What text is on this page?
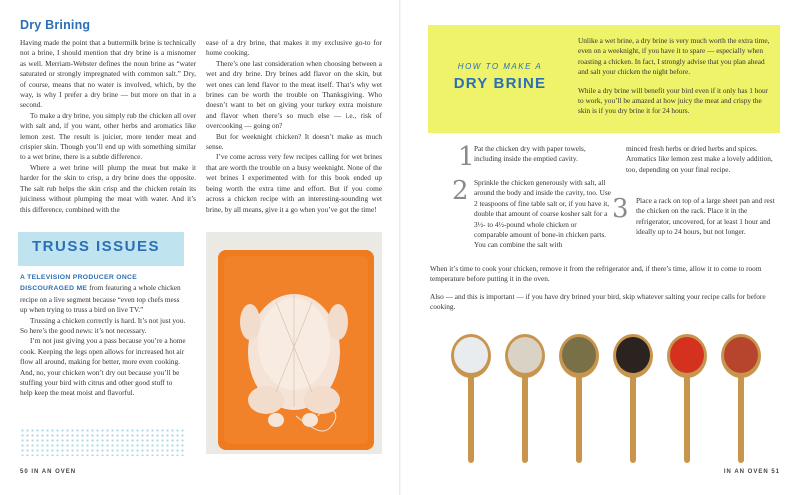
Dry Brining

Having made the point that a buttermilk brine is technically not a brine, I should mention that dry brine is a misnomer as well. Merriam-Webster defines the noun brine as “water saturated or strongly impregnated with common salt.” Dry, of course, means that no water is involved, which, by the way, is why I prefer a dry brine — but more on that in a second.

To make a dry brine, you simply rub the chicken all over with salt and, if you want, other herbs and aromatics like lemon zest. The result is juicier, more tender meat and crispier skin. Though you’ll end up with something similar to a wet brine, there is a subtle difference.

Where a wet brine will plump the meat but make it harder for the skin to crisp, a dry brine does the opposite. The salt rub helps the skin crisp and the chicken retain its juiciness without plumping the meat with water. And it’s this difference, combined with the

ease of a dry brine, that makes it my exclusive go-to for home cooking.

There’s one last consideration when choosing between a wet and dry brine. Dry brines add flavor on the skin, but wet ones can lend flavor to the meat itself. That’s why wet brines can be worth the trouble on Thanksgiving. Who doesn’t want to bet on giving your turkey extra moisture and flavor when there’s so much else — i.e., risk of overcooking — going on?

But for weeknight chicken? It doesn’t make as much sense.

I’ve come across very few recipes calling for wet brines that are worth the trouble on a busy weeknight. None of the wet brines I experimented with for this book ended up being worth the extra time and effort. But if you come across a chicken recipe with an interesting-sounding wet brine, by all means, give it a go when you’ve got the time!

TRUSS ISSUES

A TELEVISION PRODUCER ONCE DISCOURAGED ME from featuring a whole chicken recipe on a live segment because “even top chefs mess up when trying to truss a bird on live TV.”

Trussing a chicken correctly is hard. It’s not just you. So here’s the good news: it’s not necessary.

I’m not just giving you a pass because you’re a home cook. Keeping the legs open allows for increased hot air flow all around, making for better, more even cooking. And, no, your chicken won’t dry out because you’ll be stuffing your bird with citrus and other good stuff to help keep the meat moist and flavorful.

50 IN AN OVEN
HOW TO MAKE A
DRY BRINE

Unlike a wet brine, a dry brine is very much worth the extra time, even on a weeknight, if you have it to spare — especially when roasting a chicken. In fact, I strongly advise that you plan ahead and salt your chicken the night before.

While a dry brine will benefit your bird even if it only has 1 hour to work, you’ll be amazed at how juicy the meat and crispy the skin is if you dry brine it for 24 hours.

1 Pat the chicken dry with paper towels, including inside the emptied cavity.
2 Sprinkle the chicken generously with salt, all around the body and inside the cavity, too. Use 2 teaspoons of fine table salt or, if you have it, double that amount of coarse kosher salt for a 3½- to 4½-pound whole chicken or comparable amount of bone-in chicken parts. You can combine the salt with
minced fresh herbs or dried herbs and spices. Aromatics like lemon zest make a lovely addition, too, depending on your final recipe.
3 Place a rack on top of a large sheet pan and rest the chicken on the rack. Place it in the refrigerator, uncovered, for at least 1 hour and ideally up to 24 hours, but not longer.
When it’s time to cook your chicken, remove it from the refrigerator and, if there’s time, allow it to come to room temperature before putting it in the oven.
Also — and this is important — if you have dry brined your bird, skip whatever salting your recipe calls for before cooking.
IN AN OVEN 51
